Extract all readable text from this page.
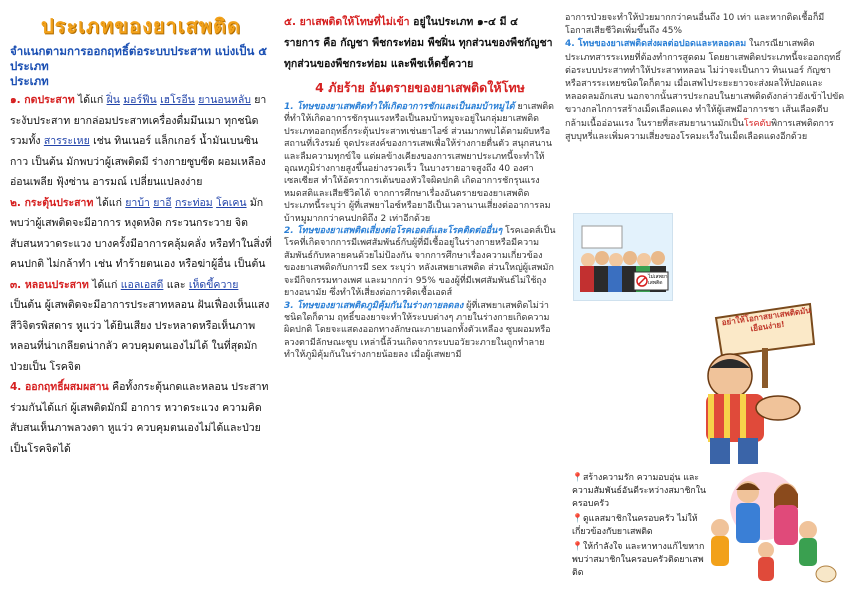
ประเภทของยาเสพติด
จำแนกตามการออกฤทธิ์ต่อระบบประสาท แบ่งเป็น ๕ ประเภท
ประเภท

๑. กดประสาท ได้แก่ ฝิ่น มอร์ฟีน เฮโรอีน ยานอนหลับ ยาระงับประสาท ยากล่อมประสาทเครื่องดื่มมึนเมา ทุกชนิด รวมทั้ง สารระเหย เช่น ทินเนอร์ แล็กเกอร์ น้ำมันเบนซิน กาว เป็นต้น มักพบว่าผู้เสพติดมี ร่างกายซูบซีด ผอมเหลือง อ่อนเพลีย ฟุ้งซ่าน อารมณ์ เปลี่ยนแปลงง่าย

๒. กระตุ้นประสาท ได้แก่ ยาบ้า ยาอี กระท่อม โคเคน มักพบว่าผู้เสพติดจะมีอาการ หงุดหงิด กระวนกระวาย จิตสับสนหวาดระแวง บางครั้งมีอาการคลุ้มคลั่ง หรือทำในสิ่งที่คนปกติ ไม่กล้าทำ เช่น ทำร้ายตนเอง หรือฆ่าผู้อื่น เป็นต้น

๓. หลอนประสาท ได้แก่ แอลเอสดี และ เห็ดขี้ควาย เป็นต้น ผู้เสพติดจะมีอาการประสาทหลอน ฝันเฟื่องเห็นแสงสีวิจิตรพิสดาร หูแว่ว ได้ยินเสียง ประหลาดหรือเห็นภาพหลอนที่น่าเกลียดน่ากลัว ควบคุมตนเองไม่ได้ ในที่สุดมักป่วยเป็น โรคจิต

4. ออกฤทธิ์ผสมผสาน คือทั้งกระตุ้นกดและหลอน ประสาทร่วมกันได้แก่ ผู้เสพติดมักมี อาการ หวาดระแวง ความคิดสับสนเห็นภาพลวงตา หูแว่ว ควบคุมตนเองไม่ได้และป่วยเป็นโรคจิตได้

๕. ยาเสพติดให้โทษที่ไม่เข้า อยู่ในประเภท ๑-๔ มี ๔ รายการ คือ กัญชา พืชกระท่อม พืชฝิ่น ทุกส่วนของพืชกัญชา ทุกส่วนของพืชกระท่อม และพืชเห็ดขี้ควาย

4 ภัยร้าย อันตรายของยาเสพติดให้โทษ

1. โทษของยาเสพติดทำให้เกิดอาการชักและเป็นลมบ้าหมูได้ ยาเสพติดที่ทำให้เกิดอาการชักรุนแรงหรือเป็นลมบ้าหมูจะอยู่ในกลุ่มยาเสพติดประเภทออกฤทธิ์กระตุ้นประสาทเช่นยาไอซ์ ส่วนมากพบได้ตามผับหรือสถานที่เริงรมย์ จุดประสงค์ของการเสพเพื่อให้ร่างกายตื่นตัว สนุกสนานและลืมความทุกข์ใจ แต่ผลข้างเคียงของการเสพยาประเภทนี้จะทำให้อุณหภูมิร่างกายสูงขึ้นอย่างรวดเร็ว ในบางรายอาจสูงถึง 40 องศาเซลเซียส ทำให้อัตราการเต้นของหัวใจผิดปกติ เกิดอาการชักรุนแรง หมดสติและเสียชีวิตได้ จากการศึกษาเรื่องอันตรายของยาเสพติดประเภทนี้ระบุว่า ผู้ที่เสพยาไอซ์หรือยาอีเป็นเวลานานเสี่ยงต่ออาการลมบ้าหมูมากกว่าคนปกติถึง 2 เท่าอีกด้วย

2. โทษของยาเสพติดเสี่ยงต่อโรคเอดส์และโรคติดต่ออื่นๆ โรคเอดส์เป็นโรคที่เกิดจากการมีเพศสัมพันธ์กับผู้ที่มีเชื้ออยู่ในร่างกายหรือมีความสัมพันธ์กับหลายคนด้วยไม่ป้องกัน จากการศึกษาเรื่องความเกี่ยวข้องของยาเสพติดกับการมี sex ระบุว่า หลังเสพยาเสพติด ส่วนใหญ่ผู้เสพมักจะมีกิจกรรมทางเพศ และมากกว่า 95% ของผู้ที่มีเพศสัมพันธ์ไม่ใช้ถุงยางอนามัย ซึ่งทำให้เสี่ยงต่อการติดเชื้อเอดส์

3. โทษของยาเสพติดภูมิคุ้มกันในร่างกายลดลง ผู้ที่เสพยาเสพติดไม่ว่าชนิดใดก็ตาม ฤทธิ์ของยาจะทำให้ระบบต่างๆ ภายในร่างกายเกิดความผิดปกติ โดยจะแสดงออกทางลักษณะภายนอกทั้งตัวเหลือง ซูบผอมหรือลวงตามีลักษณะซูบ เหล่านี้ล้วนเกิดจากระบบอวัยวะภายในถูกทำลาย ทำให้ภูมิคุ้มกันในร่างกายน้อยลง เมื่อผู้เสพยามี

อาการป่วยจะทำให้ป่วยมากกว่าคนอื่นถึง 10 เท่า และหากติดเชื้อก็มีโอกาสเสียชีวิตเพิ่มขึ้นถึง 45%

4. โทษของยาเสพติดส่งผลต่อปอดและหลอดลม ในกรณียาเสพติดประเภทสารระเหยที่ต้องทำการสูดดม โดยยาเสพติดประเภทนี้จะออกฤทธิ์ต่อระบบประสาททำให้ประสาทหลอน ไม่ว่าจะเป็นกาว ทินเนอร์ กัญชาหรือสารระเหยชนิดใดก็ตาม เมื่อเสพไประยะยาวจะส่งผลให้ปอดและหลอดลมอักเสบ นอกจากนั้นสารประกอบในยาเสพติดดังกล่าวยังเข้าไปขัดขวางกลไกการสร้างเม็ดเลือดแดง ทำให้ผู้เสพมีอาการชา เส้นเลือดตีบ กล้ามเนื้ออ่อนแรง ในรายที่สะสมยานานมักเป็นโรคตับพิการเสพติดการสูบบุหรี่และเพิ่มความเสี่ยงของโรคมะเร็งในเม็ดเลือดแดงอีกด้วย

ไม่เสพยาเสพติด
อย่าให้โอกาสยาเสพติดมันเยือนง่าย!
📍สร้างความรัก ความอบอุ่น และความสัมพันธ์อันดีระหว่างสมาชิกในครอบครัว
📍ดูแลสมาชิกในครอบครัว ไม่ให้เกี่ยวข้องกับยาเสพติด
📍ให้กำลังใจ และหาทางแก้ไขหากพบว่าสมาชิกในครอบครัวติดยาเสพติด
